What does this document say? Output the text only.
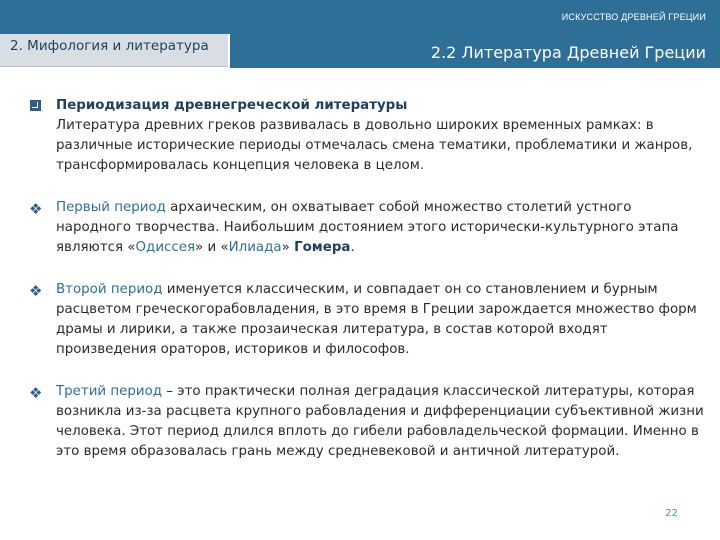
ИСКУССТВО ДРЕВНЕЙ ГРЕЦИИ
2. Мифология и литература	2.2 Литература Древней Греции
Периодизация древнегреческой литературы
Литература древних греков развивалась в довольно широких временных рамках: в различные исторические периоды отмечалась смена тематики, проблематики и жанров, трансформировалась концепция человека в целом.
❖ Первый период архаическим, он охватывает собой множество столетий устного народного творчества. Наибольшим достоянием этого исторически-культурного этапа являются «Одиссея» и «Илиада» Гомера.
❖ Второй период именуется классическим, и совпадает он со становлением и бурным расцветом греческогорабовладения, в это время в Греции зарождается множество форм драмы и лирики, а также прозаическая литература, в состав которой входят произведения ораторов, историков и философов.
❖ Третий период – это практически полная деградация классической литературы, которая возникла из-за расцвета крупного рабовладения и дифференциации субъективной жизни человека. Этот период длился вплоть до гибели рабовладельческой формации. Именно в это время образовалась грань между средневековой и античной литературой.
22
